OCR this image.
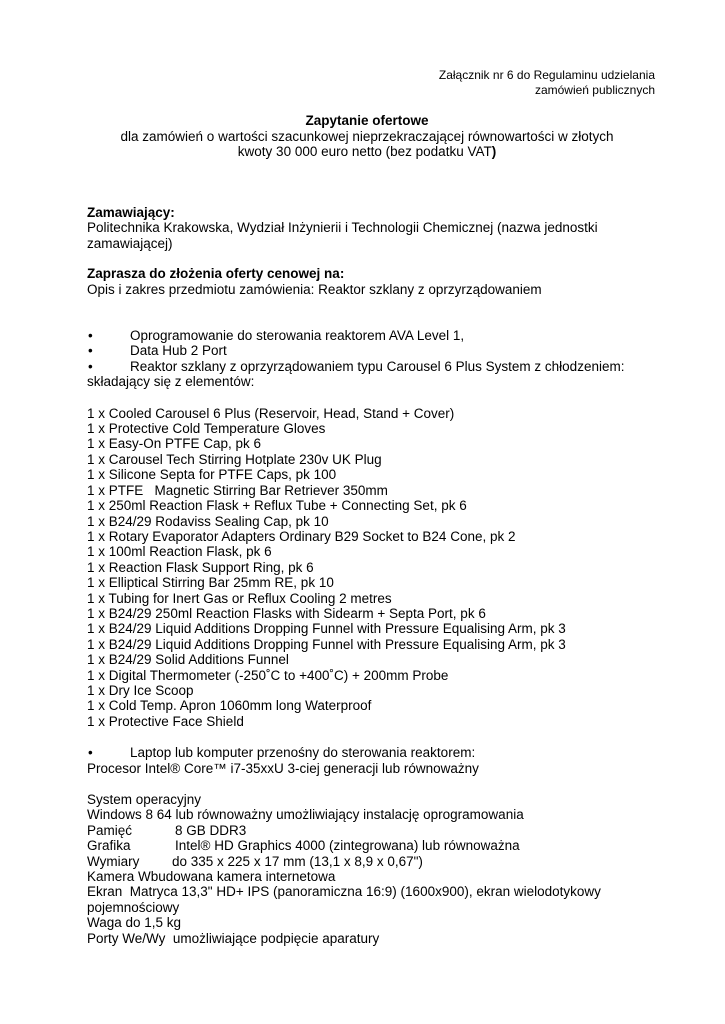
Załącznik nr 6 do Regulaminu udzielania
zamówień publicznych
Zapytanie ofertowe
dla zamówień o wartości szacunkowej nieprzekraczającej równowartości w złotych
kwoty 30 000 euro netto (bez podatku VAT)

Zamawiający:

Politechnika Krakowska, Wydział Inżynierii i Technologii Chemicznej (nazwa jednostki zamawiającej)

Zaprasza do złożenia oferty cenowej na:

Opis i zakres przedmiotu zamówienia: Reaktor szklany z oprzyrządowaniem

•	Oprogramowanie do sterowania reaktorem AVA Level 1,
•	Data Hub 2 Port
•	Reaktor szklany z oprzyrządowaniem typu Carousel 6 Plus System z chłodzeniem:

składający się z elementów:

1 x Cooled Carousel 6 Plus (Reservoir, Head, Stand + Cover)
1 x Protective Cold Temperature Gloves
1 x Easy-On PTFE Cap, pk 6
1 x Carousel Tech Stirring Hotplate 230v UK Plug
1 x Silicone Septa for PTFE Caps, pk 100
1 x PTFE   Magnetic Stirring Bar Retriever 350mm
1 x 250ml Reaction Flask + Reflux Tube + Connecting Set, pk 6
1 x B24/29 Rodaviss Sealing Cap, pk 10
1 x Rotary Evaporator Adapters Ordinary B29 Socket to B24 Cone, pk 2
1 x 100ml Reaction Flask, pk 6
1 x Reaction Flask Support Ring, pk 6
1 x Elliptical Stirring Bar 25mm RE, pk 10
1 x Tubing for Inert Gas or Reflux Cooling 2 metres
1 x B24/29 250ml Reaction Flasks with Sidearm + Septa Port, pk 6
1 x B24/29 Liquid Additions Dropping Funnel with Pressure Equalising Arm, pk 3
1 x B24/29 Liquid Additions Dropping Funnel with Pressure Equalising Arm, pk 3
1 x B24/29 Solid Additions Funnel
1 x Digital Thermometer (-250˚C to +400˚C) + 200mm Probe
1 x Dry Ice Scoop
1 x Cold Temp. Apron 1060mm long Waterproof
1 x Protective Face Shield
•	Laptop lub komputer przenośny do sterowania reaktorem:

Procesor Intel® Core™ i7-35xxU 3-ciej generacji lub równoważny

System operacyjny

Windows 8 64 lub równoważny umożliwiający instalację oprogramowania

Pamięć	8 GB DDR3
Grafika	Intel® HD Graphics 4000 (zintegrowana) lub równoważna
Wymiary	do 335 x 225 x 17 mm (13,1 x 8,9 x 0,67")

Kamera Wbudowana kamera internetowa

Ekran  Matryca 13,3" HD+ IPS (panoramiczna 16:9) (1600x900), ekran wielodotykowy pojemnościowy

Waga do 1,5 kg

Porty We/Wy  umożliwiające podpięcie aparatury
